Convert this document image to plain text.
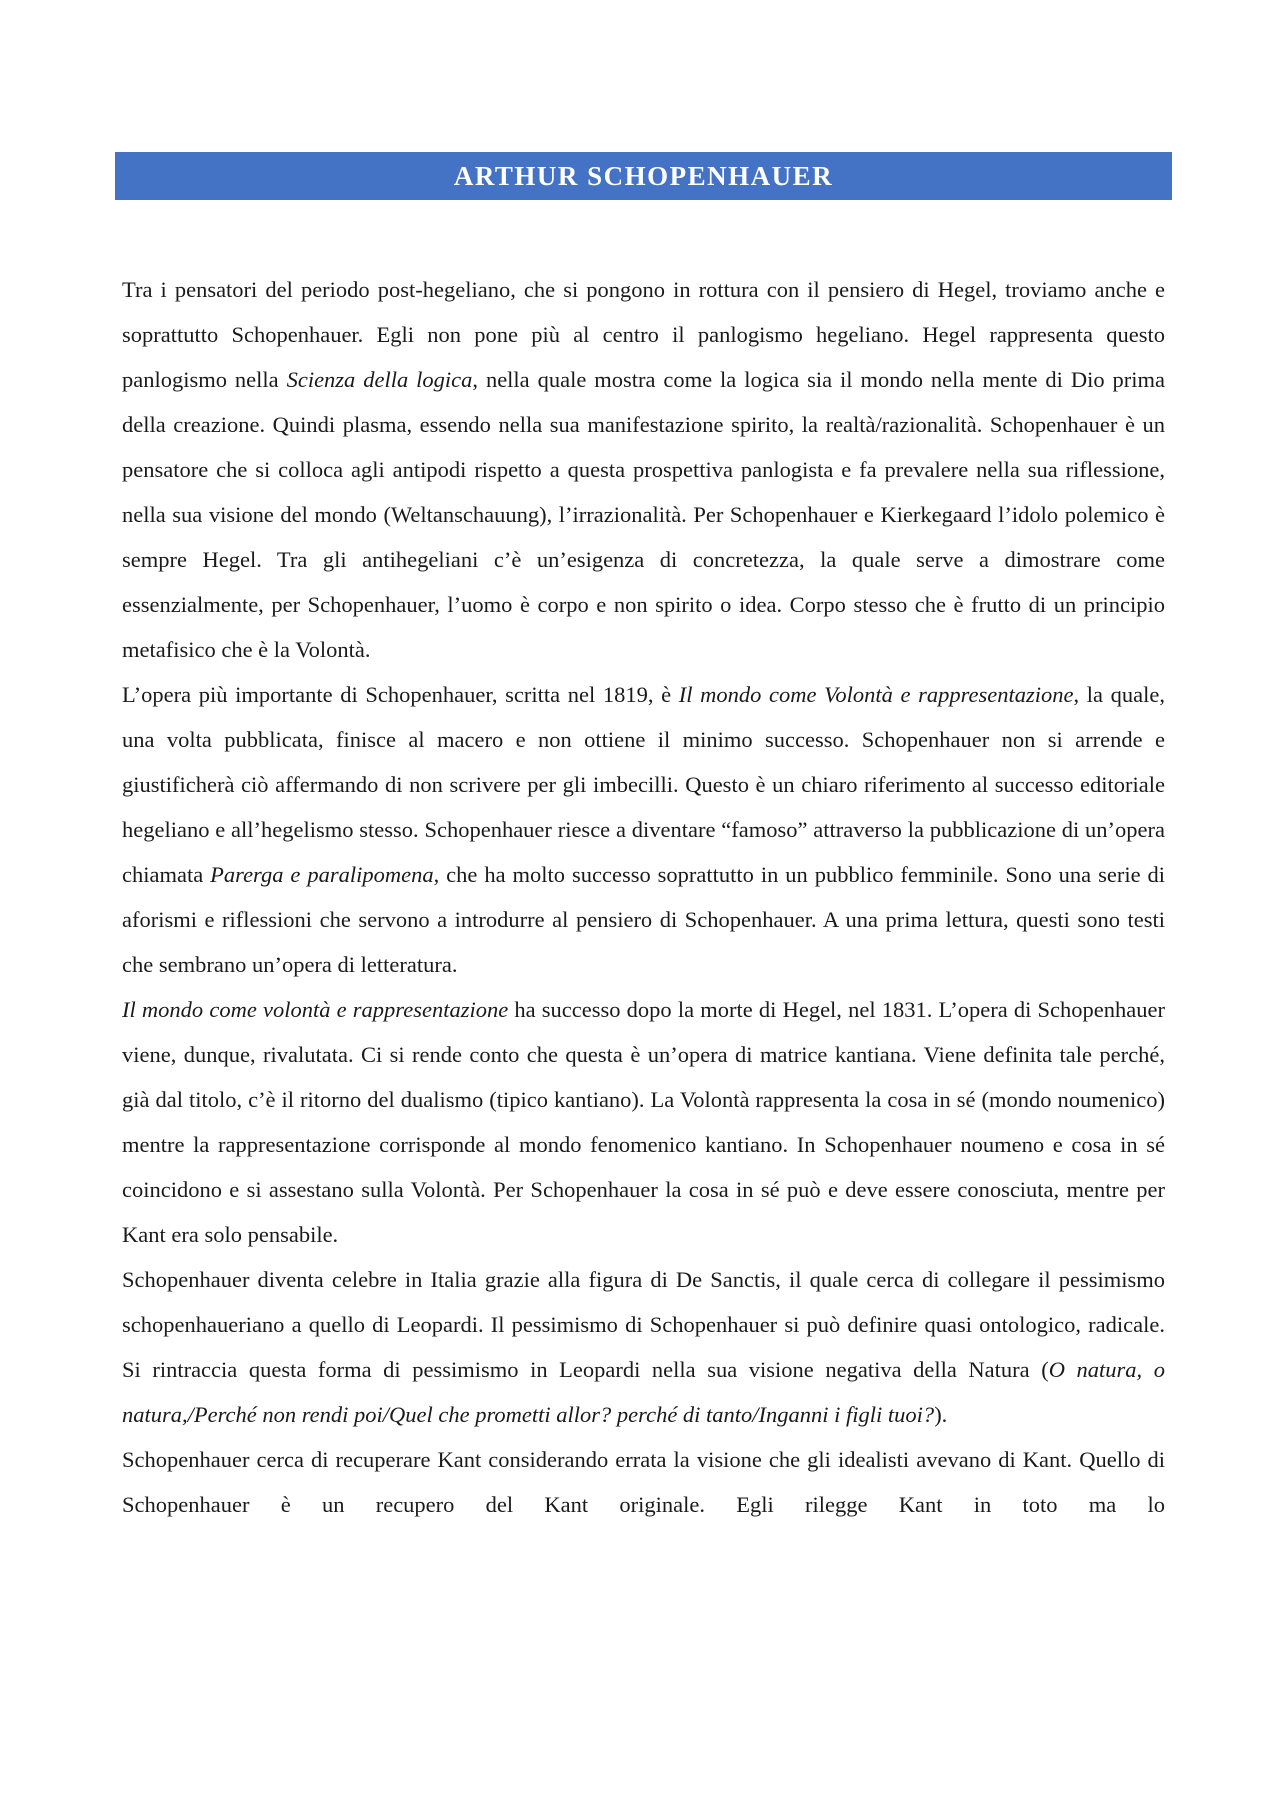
ARTHUR SCHOPENHAUER

Tra i pensatori del periodo post-hegeliano, che si pongono in rottura con il pensiero di Hegel, troviamo anche e soprattutto Schopenhauer. Egli non pone più al centro il panlogismo hegeliano. Hegel rappresenta questo panlogismo nella Scienza della logica, nella quale mostra come la logica sia il mondo nella mente di Dio prima della creazione. Quindi plasma, essendo nella sua manifestazione spirito, la realtà/razionalità. Schopenhauer è un pensatore che si colloca agli antipodi rispetto a questa prospettiva panlogista e fa prevalere nella sua riflessione, nella sua visione del mondo (Weltanschauung), l’irrazionalità. Per Schopenhauer e Kierkegaard l’idolo polemico è sempre Hegel. Tra gli antihegeliani c’è un’esigenza di concretezza, la quale serve a dimostrare come essenzialmente, per Schopenhauer, l’uomo è corpo e non spirito o idea. Corpo stesso che è frutto di un principio metafisico che è la Volontà.

L’opera più importante di Schopenhauer, scritta nel 1819, è Il mondo come Volontà e rappresentazione, la quale, una volta pubblicata, finisce al macero e non ottiene il minimo successo. Schopenhauer non si arrende e giustificherà ciò affermando di non scrivere per gli imbecilli. Questo è un chiaro riferimento al successo editoriale hegeliano e all’hegelismo stesso. Schopenhauer riesce a diventare “famoso” attraverso la pubblicazione di un’opera chiamata Parerga e paralipomena, che ha molto successo soprattutto in un pubblico femminile. Sono una serie di aforismi e riflessioni che servono a introdurre al pensiero di Schopenhauer. A una prima lettura, questi sono testi che sembrano un’opera di letteratura.

Il mondo come volontà e rappresentazione ha successo dopo la morte di Hegel, nel 1831. L’opera di Schopenhauer viene, dunque, rivalutata. Ci si rende conto che questa è un’opera di matrice kantiana. Viene definita tale perché, già dal titolo, c’è il ritorno del dualismo (tipico kantiano). La Volontà rappresenta la cosa in sé (mondo noumenico) mentre la rappresentazione corrisponde al mondo fenomenico kantiano. In Schopenhauer noumeno e cosa in sé coincidono e si assestano sulla Volontà. Per Schopenhauer la cosa in sé può e deve essere conosciuta, mentre per Kant era solo pensabile.

Schopenhauer diventa celebre in Italia grazie alla figura di De Sanctis, il quale cerca di collegare il pessimismo schopenhaueriano a quello di Leopardi. Il pessimismo di Schopenhauer si può definire quasi ontologico, radicale. Si rintraccia questa forma di pessimismo in Leopardi nella sua visione negativa della Natura (O natura, o natura,/Perché non rendi poi/Quel che prometti allor? perché di tanto/Inganni i figli tuoi?).

Schopenhauer cerca di recuperare Kant considerando errata la visione che gli idealisti avevano di Kant. Quello di Schopenhauer è un recupero del Kant originale. Egli rilegge Kant in toto ma lo
